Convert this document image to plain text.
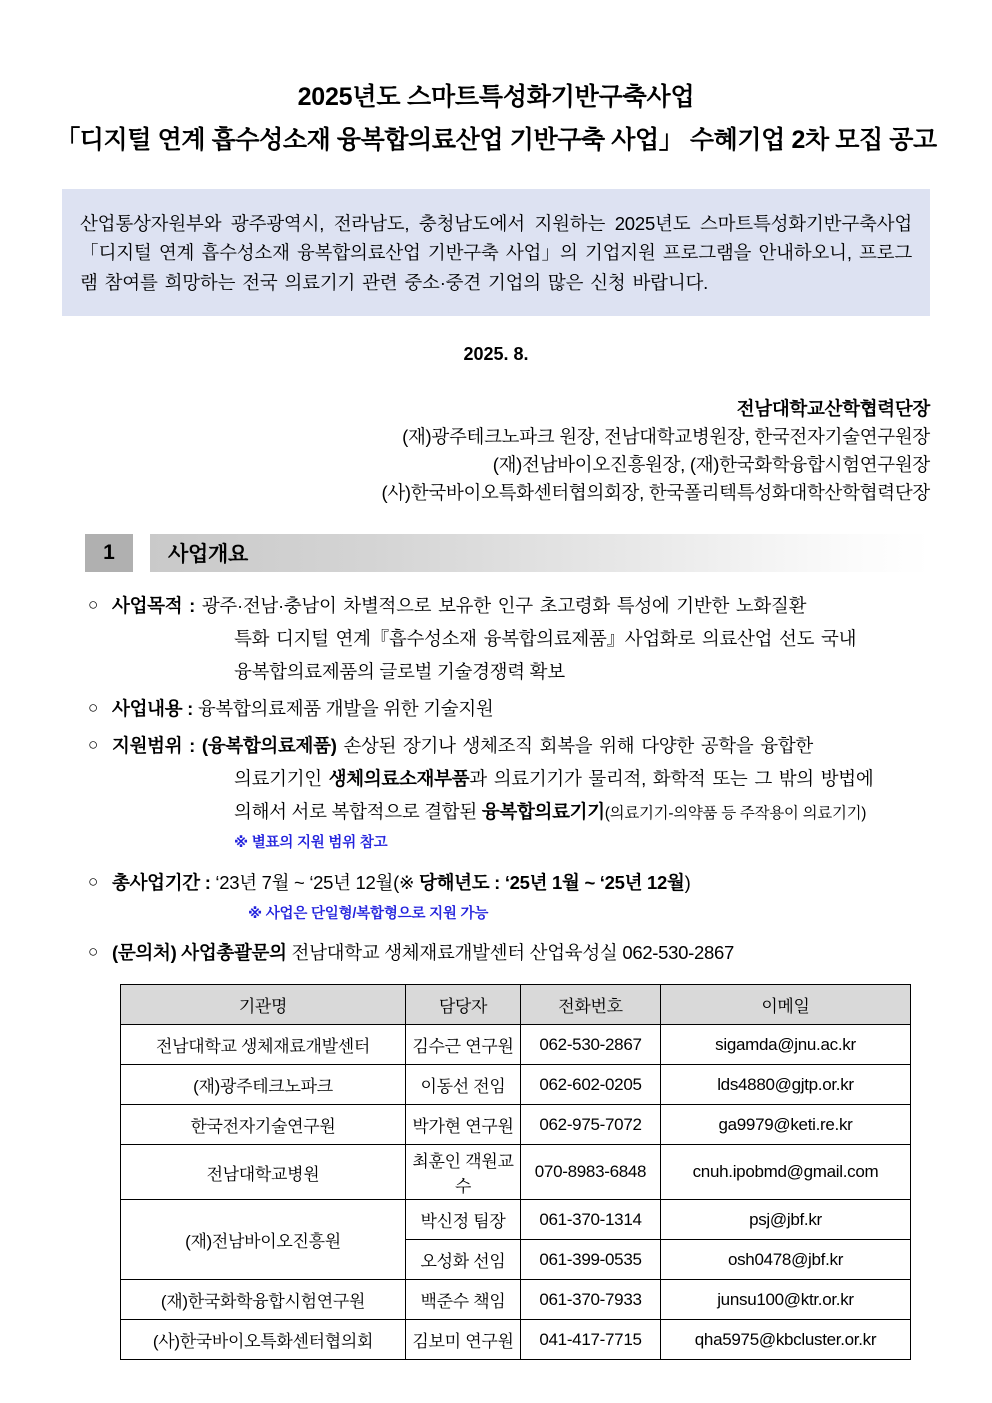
2025년도 스마트특성화기반구축사업
「디지털 연계 흡수성소재 융복합의료산업 기반구축 사업」 수혜기업 2차 모집 공고

산업통상자원부와 광주광역시, 전라남도, 충청남도에서 지원하는 2025년도 스마트특성화기반구축사업「디지털 연계 흡수성소재 융복합의료산업 기반구축 사업」의 기업지원 프로그램을 안내하오니, 프로그램 참여를 희망하는 전국 의료기기 관련 중소·중견 기업의 많은 신청 바랍니다.

2025. 8.
전남대학교산학협력단장
(재)광주테크노파크 원장, 전남대학교병원장, 한국전자기술연구원장
(재)전남바이오진흥원장, (재)한국화학융합시험연구원장
(사)한국바이오특화센터협의회장, 한국폴리텍특성화대학산학협력단장
1	사업개요
○ 사업목적 : 광주·전남·충남이 차별적으로 보유한 인구 초고령화 특성에 기반한 노화질환
특화 디지털 연계『흡수성소재 융복합의료제품』사업화로 의료산업 선도 국내
융복합의료제품의 글로벌 기술경쟁력 확보
○ 사업내용 : 융복합의료제품 개발을 위한 기술지원
○ 지원범위 : (융복합의료제품) 손상된 장기나 생체조직 회복을 위해 다양한 공학을 융합한
의료기기인 생체의료소재부품과 의료기기가 물리적, 화학적 또는 그 밖의 방법에
의해서 서로 복합적으로 결합된 융복합의료기기(의료기기-의약품 등 주작용이 의료기기)
※ 별표의 지원 범위 참고
○ 총사업기간 : ‘23년 7월 ~ ‘25년 12월(※ 당해년도 : ‘25년 1월 ~ ‘25년 12월)
※ 사업은 단일형/복합형으로 지원 가능
○ (문의처) 사업총괄문의 전남대학교 생체재료개발센터 산업육성실 062-530-2867
기관명	담당자	전화번호	이메일
전남대학교 생체재료개발센터	김수근 연구원	062-530-2867	sigamda@jnu.ac.kr
(재)광주테크노파크	이동선 전임	062-602-0205	lds4880@gjtp.or.kr
한국전자기술연구원	박가현 연구원	062-975-7072	ga9979@keti.re.kr
전남대학교병원	최훈인 객원교수	070-8983-6848	cnuh.ipobmd@gmail.com
(재)전남바이오진흥원	박신정 팀장	061-370-1314	psj@jbf.kr
	오성화 선임	061-399-0535	osh0478@jbf.kr
(재)한국화학융합시험연구원	백준수 책임	061-370-7933	junsu100@ktr.or.kr
(사)한국바이오특화센터협의회	김보미 연구원	041-417-7715	qha5975@kbcluster.or.kr
